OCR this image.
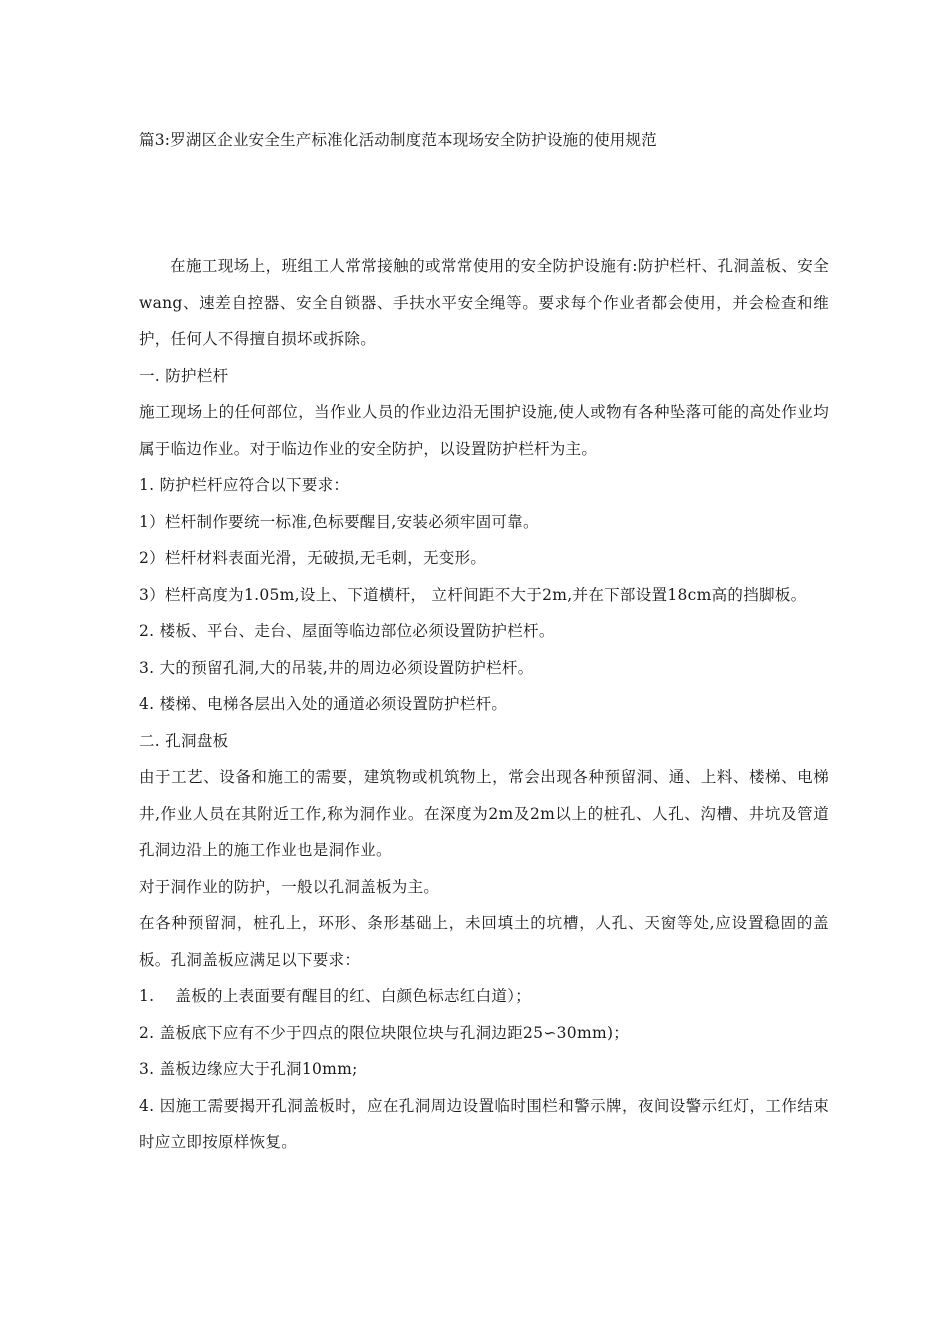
篇3:罗湖区企业安全生产标准化活动制度范本现场安全防护设施的使用规范

在施工现场上，班组工人常常接触的或常常使用的安全防护设施有:防护栏杆、孔洞盖板、安全wang、速差自控器、安全自锁器、手扶水平安全绳等。要求每个作业者都会使用，并会检查和维护，任何人不得擅自损坏或拆除。

一. 防护栏杆

施工现场上的任何部位，当作业人员的作业边沿无围护设施,使人或物有各种坠落可能的高处作业均属于临边作业。对于临边作业的安全防护，以设置防护栏杆为主。

1. 防护栏杆应符合以下要求：

1）栏杆制作要统一标准,色标要醒目,安装必须牢固可靠。

2）栏杆材料表面光滑，无破损,无毛刺，无变形。

3）栏杆高度为1.05m,设上、下道横杆， 立杆间距不大于2m,并在下部设置18cm高的挡脚板。

2. 楼板、平台、走台、屋面等临边部位必须设置防护栏杆。

3. 大的预留孔洞,大的吊装,井的周边必须设置防护栏杆。

4. 楼梯、电梯各层出入处的通道必须设置防护栏杆。

二. 孔洞盘板

由于工艺、设备和施工的需要，建筑物或机筑物上，常会出现各种预留洞、通、上料、楼梯、电梯井,作业人员在其附近工作,称为洞作业。在深度为2m及2m以上的桩孔、人孔、沟槽、井坑及管道孔洞边沿上的施工作业也是洞作业。

对于洞作业的防护，一般以孔洞盖板为主。

在各种预留洞，桩孔上，环形、条形基础上，未回填土的坑槽，人孔、天窗等处,应设置稳固的盖板。孔洞盖板应满足以下要求：

1.　 盖板的上表面要有醒目的红、白颜色标志红白道）；

2. 盖板底下应有不少于四点的限位块限位块与孔洞边距25∽30mm)；

3. 盖板边缘应大于孔洞10mm;

4. 因施工需要揭开孔洞盖板时，应在孔洞周边设置临时围栏和警示牌，夜间设警示红灯，工作结束时应立即按原样恢复。
